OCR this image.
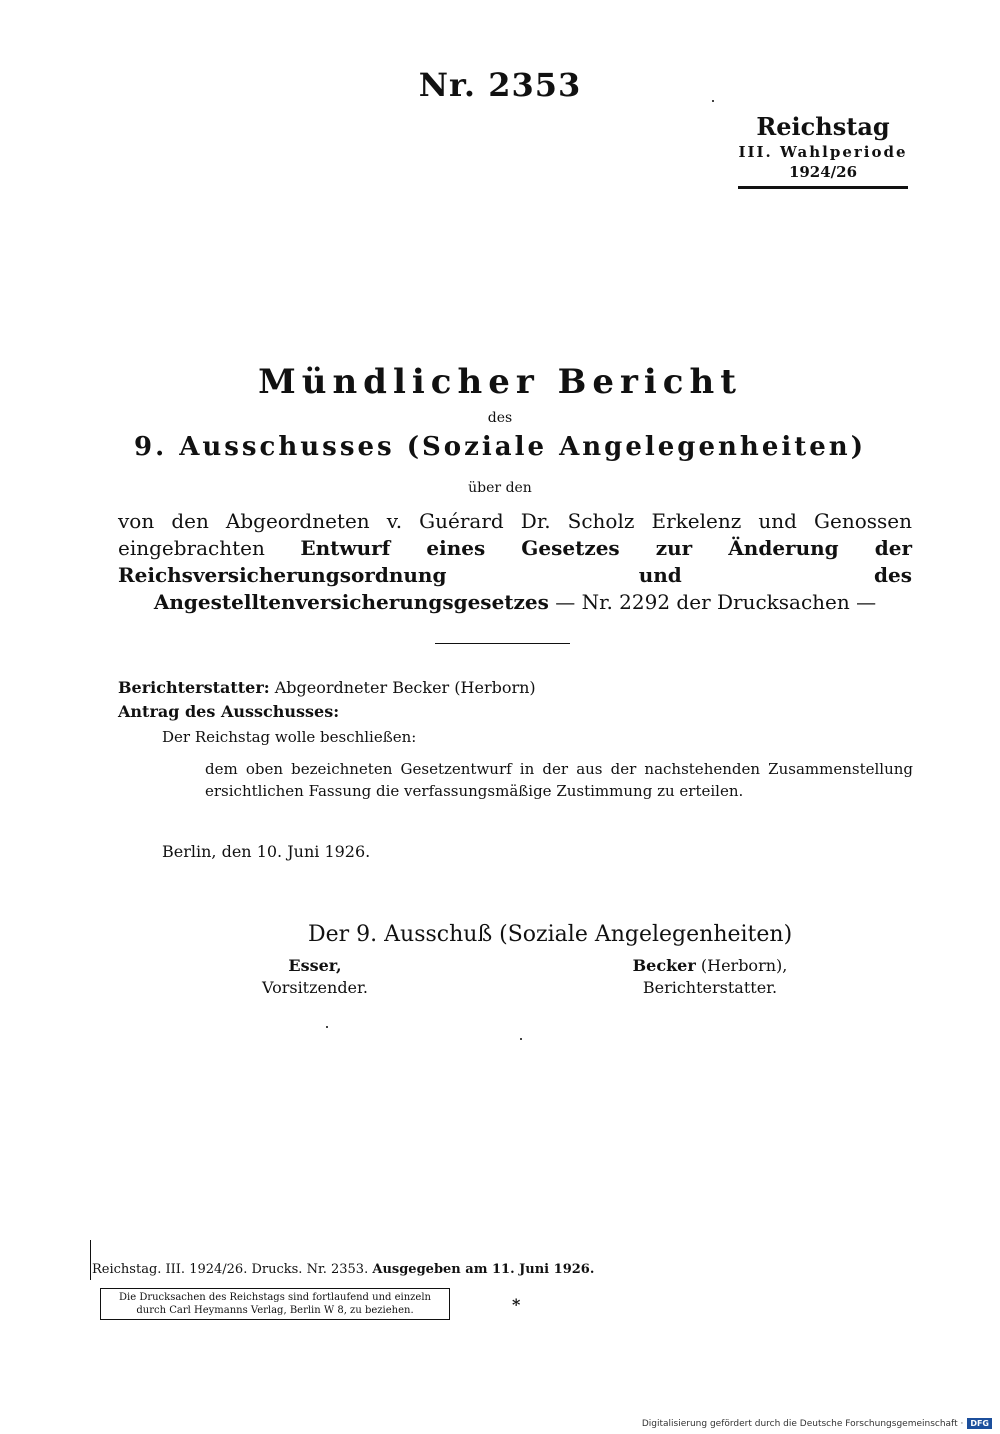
Nr. 2353
Reichstag
III. Wahlperiode
1924/26
Mündlicher Bericht
des
9. Ausschusses (Soziale Angelegenheiten)
über den
von den Abgeordneten v. Guérard Dr. Scholz Erkelenz und Genossen eingebrachten Entwurf eines Gesetzes zur Änderung der Reichsversicherungsordnung und des Angestelltenversicherungsgesetzes — Nr. 2292 der Drucksachen —
Berichterstatter: Abgeordneter Becker (Herborn)
Antrag des Ausschusses:
Der Reichstag wolle beschließen:
dem oben bezeichneten Gesetzentwurf in der aus der nachstehenden Zusammenstellung ersichtlichen Fassung die verfassungsmäßige Zustimmung zu erteilen.
Berlin, den 10. Juni 1926.
Der 9. Ausschuß (Soziale Angelegenheiten)
Esser,
Vorsitzender.
Becker (Herborn),
Berichterstatter.
Reichstag. III. 1924/26. Drucks. Nr. 2353. Ausgegeben am 11. Juni 1926.
Die Drucksachen des Reichstags sind fortlaufend und einzeln durch Carl Heymanns Verlag, Berlin W 8, zu beziehen.	*
Digitalisierung gefördert durch die Deutsche Forschungsgemeinschaft · DFG
